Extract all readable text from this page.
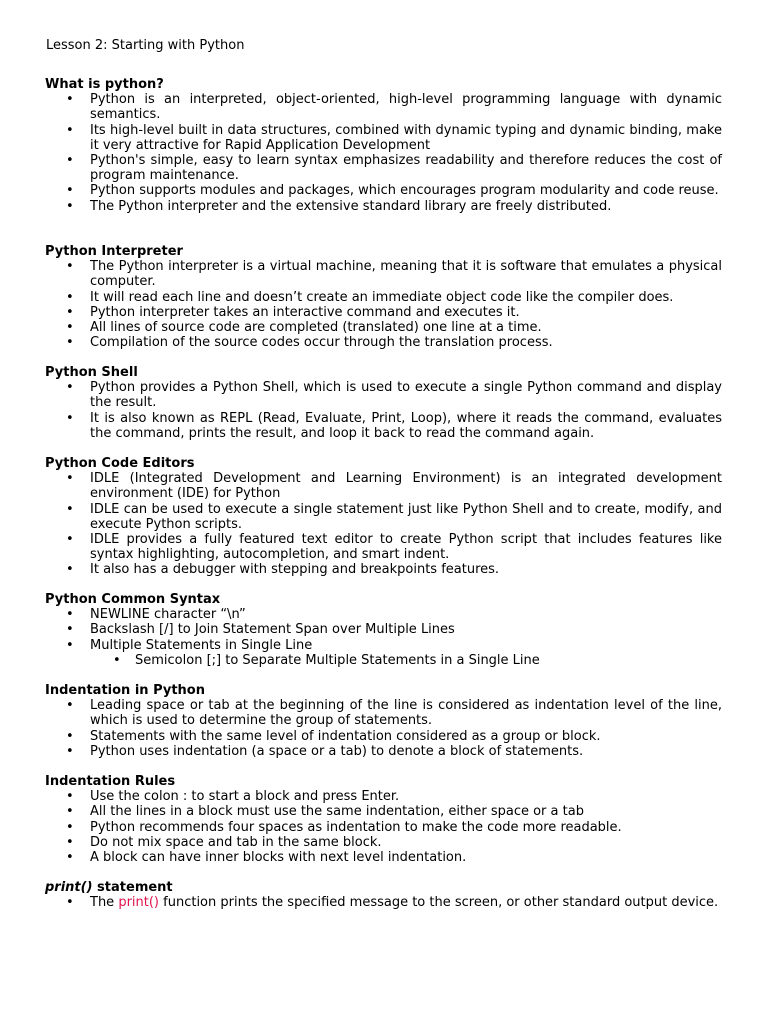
Lesson 2: Starting with Python
What is python?
• Python is an interpreted, object-oriented, high-level programming language with dynamic semantics.
• Its high-level built in data structures, combined with dynamic typing and dynamic binding, make it very attractive for Rapid Application Development
• Python's simple, easy to learn syntax emphasizes readability and therefore reduces the cost of program maintenance.
• Python supports modules and packages, which encourages program modularity and code reuse.
• The Python interpreter and the extensive standard library are freely distributed.
Python Interpreter
• The Python interpreter is a virtual machine, meaning that it is software that emulates a physical computer.
• It will read each line and doesn’t create an immediate object code like the compiler does.
• Python interpreter takes an interactive command and executes it.
• All lines of source code are completed (translated) one line at a time.
• Compilation of the source codes occur through the translation process.
Python Shell
• Python provides a Python Shell, which is used to execute a single Python command and display the result.
• It is also known as REPL (Read, Evaluate, Print, Loop), where it reads the command, evaluates the command, prints the result, and loop it back to read the command again.
Python Code Editors
• IDLE (Integrated Development and Learning Environment) is an integrated development environment (IDE) for Python
• IDLE can be used to execute a single statement just like Python Shell and to create, modify, and execute Python scripts.
• IDLE provides a fully featured text editor to create Python script that includes features like syntax highlighting, autocompletion, and smart indent.
• It also has a debugger with stepping and breakpoints features.
Python Common Syntax
• NEWLINE character “\n”
• Backslash [/] to Join Statement Span over Multiple Lines
• Multiple Statements in Single Line
• Semicolon [;] to Separate Multiple Statements in a Single Line
Indentation in Python
• Leading space or tab at the beginning of the line is considered as indentation level of the line, which is used to determine the group of statements.
• Statements with the same level of indentation considered as a group or block.
• Python uses indentation (a space or a tab) to denote a block of statements.
Indentation Rules
• Use the colon : to start a block and press Enter.
• All the lines in a block must use the same indentation, either space or a tab
• Python recommends four spaces as indentation to make the code more readable.
• Do not mix space and tab in the same block.
• A block can have inner blocks with next level indentation.
print() statement
• The print() function prints the specified message to the screen, or other standard output device.
